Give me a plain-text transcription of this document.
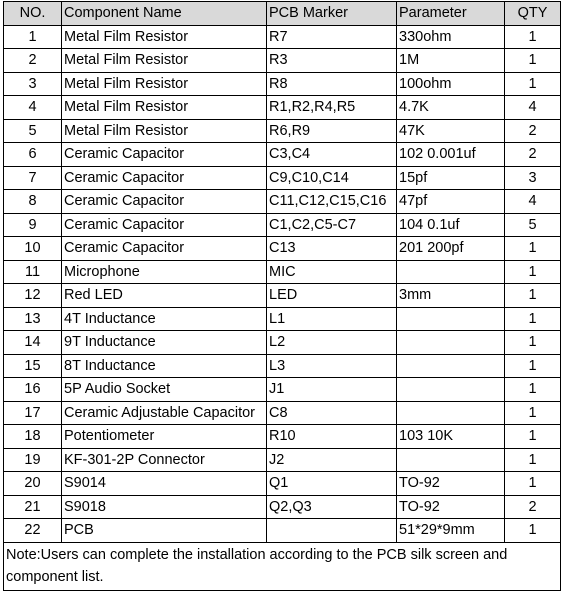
NO.	Component Name	PCB Marker	Parameter	QTY
1	Metal Film Resistor	R7	330ohm	1
2	Metal Film Resistor	R3	1M	1
3	Metal Film Resistor	R8	100ohm	1
4	Metal Film Resistor	R1,R2,R4,R5	4.7K	4
5	Metal Film Resistor	R6,R9	47K	2
6	Ceramic Capacitor	C3,C4	102 0.001uf	2
7	Ceramic Capacitor	C9,C10,C14	15pf	3
8	Ceramic Capacitor	C11,C12,C15,C16	47pf	4
9	Ceramic Capacitor	C1,C2,C5-C7	104 0.1uf	5
10	Ceramic Capacitor	C13	201 200pf	1
11	Microphone	MIC		1
12	Red LED	LED	3mm	1
13	4T Inductance	L1		1
14	9T Inductance	L2		1
15	8T Inductance	L3		1
16	5P Audio Socket	J1		1
17	Ceramic Adjustable Capacitor	C8		1
18	Potentiometer	R10	103 10K	1
19	KF-301-2P Connector	J2		1
20	S9014	Q1	TO-92	1
21	S9018	Q2,Q3	TO-92	2
22	PCB		51*29*9mm	1
Note:Users can complete the installation according to the PCB silk screen and component list.				
